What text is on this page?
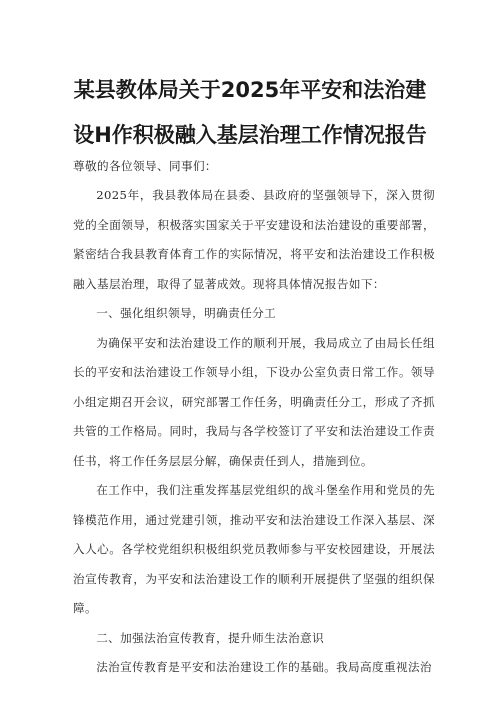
某县教体局关于2025年平安和法治建
设H作积极融入基层治理工作情况报告
尊敬的各位领导、同事们：

2025年，我县教体局在县委、县政府的坚强领导下，深入贯彻党的全面领导，积极落实国家关于平安建设和法治建设的重要部署，紧密结合我县教育体育工作的实际情况，将平安和法治建设工作积极融入基层治理，取得了显著成效。现将具体情况报告如下：

一、强化组织领导，明确责任分工

为确保平安和法治建设工作的顺利开展，我局成立了由局长任组长的平安和法治建设工作领导小组，下设办公室负责日常工作。领导小组定期召开会议，研究部署工作任务，明确责任分工，形成了齐抓共管的工作格局。同时，我局与各学校签订了平安和法治建设工作责任书，将工作任务层层分解，确保责任到人，措施到位。

在工作中，我们注重发挥基层党组织的战斗堡垒作用和党员的先锋模范作用，通过党建引领，推动平安和法治建设工作深入基层、深入人心。各学校党组织积极组织党员教师参与平安校园建设，开展法治宣传教育，为平安和法治建设工作的顺利开展提供了坚强的组织保障。

二、加强法治宣传教育，提升师生法治意识

法治宣传教育是平安和法治建设工作的基础。我局高度重视法治
